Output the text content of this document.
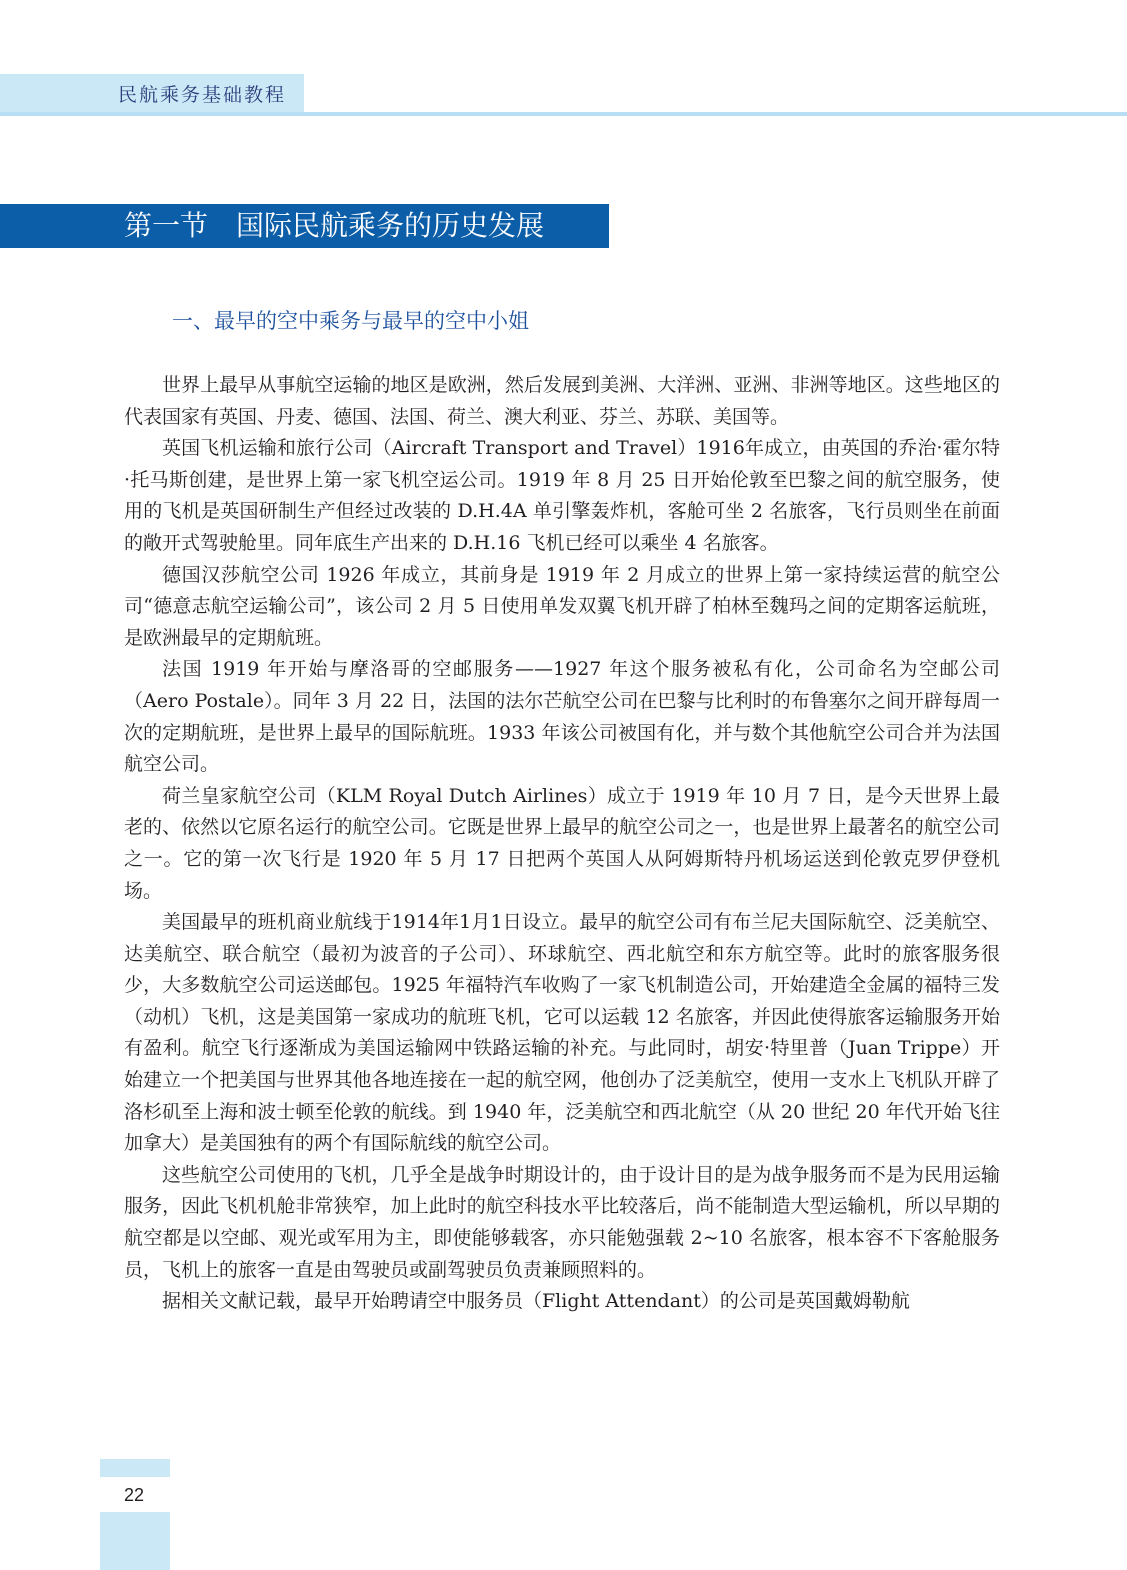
民航乘务基础教程
第一节　国际民航乘务的历史发展
一、最早的空中乘务与最早的空中小姐

世界上最早从事航空运输的地区是欧洲，然后发展到美洲、大洋洲、亚洲、非洲等地区。这些地区的代表国家有英国、丹麦、德国、法国、荷兰、澳大利亚、芬兰、苏联、美国等。

英国飞机运输和旅行公司（Aircraft Transport and Travel）1916年成立，由英国的乔治·霍尔特·托马斯创建，是世界上第一家飞机空运公司。1919 年 8 月 25 日开始伦敦至巴黎之间的航空服务，使用的飞机是英国研制生产但经过改装的 D.H.4A 单引擎轰炸机，客舱可坐 2 名旅客，飞行员则坐在前面的敞开式驾驶舱里。同年底生产出来的 D.H.16 飞机已经可以乘坐 4 名旅客。

德国汉莎航空公司 1926 年成立，其前身是 1919 年 2 月成立的世界上第一家持续运营的航空公司“德意志航空运输公司”，该公司 2 月 5 日使用单发双翼飞机开辟了柏林至魏玛之间的定期客运航班，是欧洲最早的定期航班。

法国 1919 年开始与摩洛哥的空邮服务——1927 年这个服务被私有化，公司命名为空邮公司（Aero Postale）。同年 3 月 22 日，法国的法尔芒航空公司在巴黎与比利时的布鲁塞尔之间开辟每周一次的定期航班，是世界上最早的国际航班。1933 年该公司被国有化，并与数个其他航空公司合并为法国航空公司。

荷兰皇家航空公司（KLM Royal Dutch Airlines）成立于 1919 年 10 月 7 日，是今天世界上最老的、依然以它原名运行的航空公司。它既是世界上最早的航空公司之一，也是世界上最著名的航空公司之一。它的第一次飞行是 1920 年 5 月 17 日把两个英国人从阿姆斯特丹机场运送到伦敦克罗伊登机场。

美国最早的班机商业航线于1914年1月1日设立。最早的航空公司有布兰尼夫国际航空、泛美航空、达美航空、联合航空（最初为波音的子公司）、环球航空、西北航空和东方航空等。此时的旅客服务很少，大多数航空公司运送邮包。1925 年福特汽车收购了一家飞机制造公司，开始建造全金属的福特三发（动机）飞机，这是美国第一家成功的航班飞机，它可以运载 12 名旅客，并因此使得旅客运输服务开始有盈利。航空飞行逐渐成为美国运输网中铁路运输的补充。与此同时，胡安·特里普（Juan Trippe）开始建立一个把美国与世界其他各地连接在一起的航空网，他创办了泛美航空，使用一支水上飞机队开辟了洛杉矶至上海和波士顿至伦敦的航线。到 1940 年，泛美航空和西北航空（从 20 世纪 20 年代开始飞往加拿大）是美国独有的两个有国际航线的航空公司。

这些航空公司使用的飞机，几乎全是战争时期设计的，由于设计目的是为战争服务而不是为民用运输服务，因此飞机机舱非常狭窄，加上此时的航空科技水平比较落后，尚不能制造大型运输机，所以早期的航空都是以空邮、观光或军用为主，即使能够载客，亦只能勉强载 2~10 名旅客，根本容不下客舱服务员，飞机上的旅客一直是由驾驶员或副驾驶员负责兼顾照料的。

据相关文献记载，最早开始聘请空中服务员（Flight Attendant）的公司是英国戴姆勒航

22
